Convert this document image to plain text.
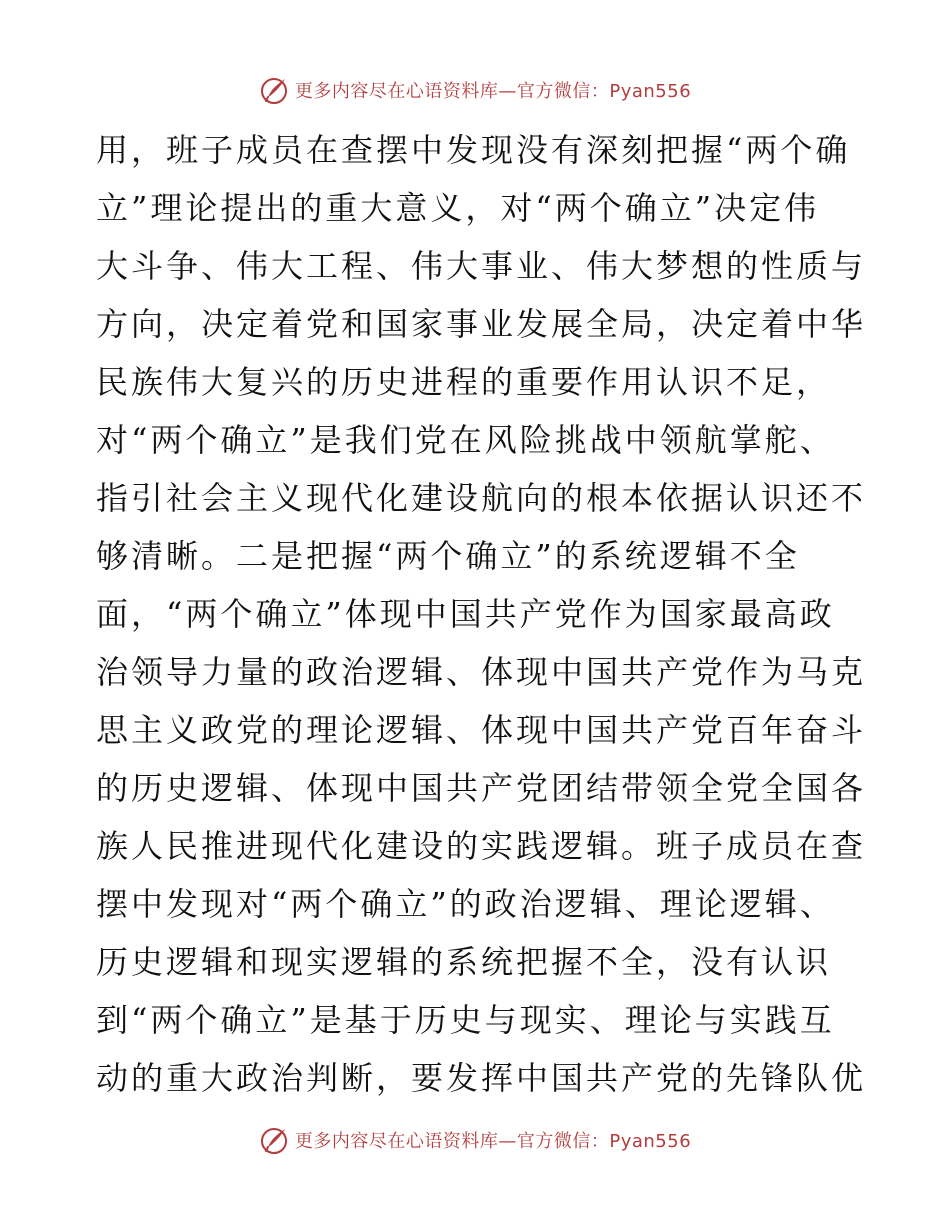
更多内容尽在心语资料库—官方微信：Pyan556
用，班子成员在查摆中发现没有深刻把握“两个确
立”理论提出的重大意义，对“两个确立”决定伟
大斗争、伟大工程、伟大事业、伟大梦想的性质与
方向，决定着党和国家事业发展全局，决定着中华
民族伟大复兴的历史进程的重要作用认识不足，
对“两个确立”是我们党在风险挑战中领航掌舵、
指引社会主义现代化建设航向的根本依据认识还不
够清晰。二是把握“两个确立”的系统逻辑不全
面，“两个确立”体现中国共产党作为国家最高政
治领导力量的政治逻辑、体现中国共产党作为马克
思主义政党的理论逻辑、体现中国共产党百年奋斗
的历史逻辑、体现中国共产党团结带领全党全国各
族人民推进现代化建设的实践逻辑。班子成员在查
摆中发现对“两个确立”的政治逻辑、理论逻辑、
历史逻辑和现实逻辑的系统把握不全，没有认识
到“两个确立”是基于历史与现实、理论与实践互
动的重大政治判断，要发挥中国共产党的先锋队优
更多内容尽在心语资料库—官方微信：Pyan556
